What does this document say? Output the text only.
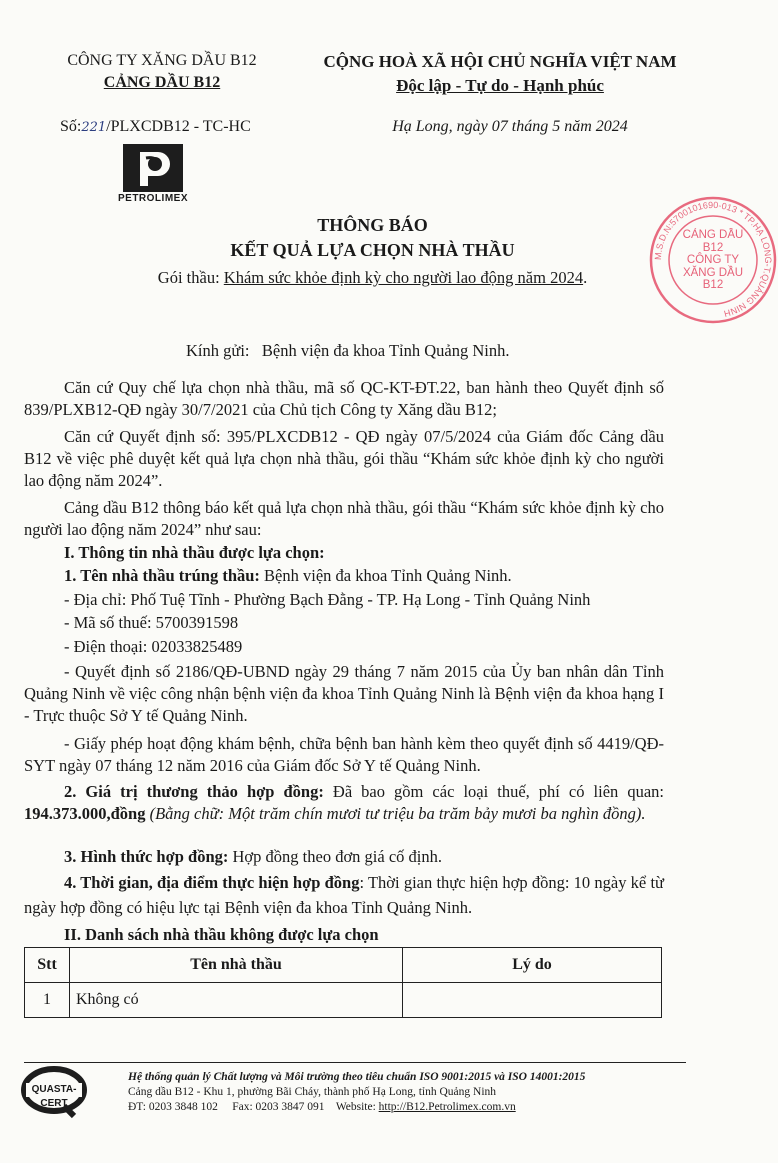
CÔNG TY XĂNG DẦU B12
CẢNG DẦU B12
Số:221/PLXCDB12 - TC-HC
PETROLIMEX
CỘNG HOÀ XÃ HỘI CHỦ NGHĨA VIỆT NAM
Độc lập - Tự do - Hạnh phúc
Hạ Long, ngày 07 tháng 5 năm 2024
M.S.D.N:5700101690-013 * TP.HẠ LONG-T.QUẢNG NINH
CẢNG DẦU
B12
CÔNG TY
XĂNG DẦU
B12
THÔNG BÁO
KẾT QUẢ LỰA CHỌN NHÀ THẦU
Gói thầu: Khám sức khỏe định kỳ cho người lao động năm 2024.
Kính gửi: Bệnh viện đa khoa Tỉnh Quảng Ninh.
Căn cứ Quy chế lựa chọn nhà thầu, mã số QC-KT-ĐT.22, ban hành theo Quyết định số 839/PLXB12-QĐ ngày 30/7/2021 của Chủ tịch Công ty Xăng dầu B12;
Căn cứ Quyết định số: 395/PLXCDB12 - QĐ ngày 07/5/2024 của Giám đốc Cảng dầu B12 về việc phê duyệt kết quả lựa chọn nhà thầu, gói thầu “Khám sức khỏe định kỳ cho người lao động năm 2024”.
Cảng dầu B12 thông báo kết quả lựa chọn nhà thầu, gói thầu “Khám sức khỏe định kỳ cho người lao động năm 2024” như sau:
I. Thông tin nhà thầu được lựa chọn:
1. Tên nhà thầu trúng thầu: Bệnh viện đa khoa Tỉnh Quảng Ninh.
- Địa chỉ: Phố Tuệ Tĩnh - Phường Bạch Đằng - TP. Hạ Long - Tỉnh Quảng Ninh
- Mã số thuế: 5700391598
- Điện thoại: 02033825489
- Quyết định số 2186/QĐ-UBND ngày 29 tháng 7 năm 2015 của Ủy ban nhân dân Tỉnh Quảng Ninh về việc công nhận bệnh viện đa khoa Tỉnh Quảng Ninh là Bệnh viện đa khoa hạng I - Trực thuộc Sở Y tế Quảng Ninh.
- Giấy phép hoạt động khám bệnh, chữa bệnh ban hành kèm theo quyết định số 4419/QĐ-SYT ngày 07 tháng 12 năm 2016 của Giám đốc Sở Y tế Quảng Ninh.
2. Giá trị thương thảo hợp đồng: Đã bao gồm các loại thuế, phí có liên quan: 194.373.000,đồng (Bằng chữ: Một trăm chín mươi tư triệu ba trăm bảy mươi ba nghìn đồng).
3. Hình thức hợp đồng: Hợp đồng theo đơn giá cố định.
4. Thời gian, địa điểm thực hiện hợp đồng: Thời gian thực hiện hợp đồng: 10 ngày kể từ ngày hợp đồng có hiệu lực tại Bệnh viện đa khoa Tỉnh Quảng Ninh.
II. Danh sách nhà thầu không được lựa chọn
Stt	Tên nhà thầu	Lý do
1	Không có	
QUASTA-CERT
Hệ thống quản lý Chất lượng và Môi trường theo tiêu chuẩn ISO 9001:2015 và ISO 14001:2015
Cảng dầu B12 - Khu 1, phường Bãi Cháy, thành phố Hạ Long, tỉnh Quảng Ninh
ĐT: 0203 3848 102 Fax: 0203 3847 091 Website: http://B12.Petrolimex.com.vn
